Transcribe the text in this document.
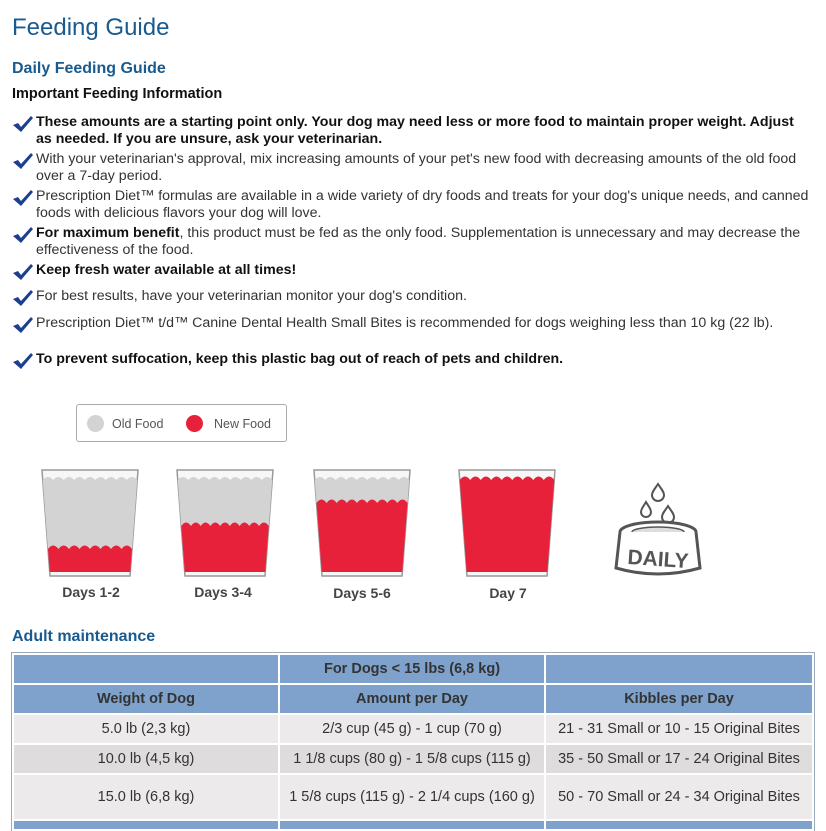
Feeding Guide
Daily Feeding Guide
Important Feeding Information
These amounts are a starting point only. Your dog may need less or more food to maintain proper weight. Adjust as needed. If you are unsure, ask your veterinarian.
With your veterinarian's approval, mix increasing amounts of your pet's new food with decreasing amounts of the old food over a 7-day period.
Prescription Diet™ formulas are available in a wide variety of dry foods and treats for your dog's unique needs, and canned foods with delicious flavors your dog will love.
For maximum benefit, this product must be fed as the only food. Supplementation is unnecessary and may decrease the effectiveness of the food.
Keep fresh water available at all times!
For best results, have your veterinarian monitor your dog's condition.
Prescription Diet™ t/d™ Canine Dental Health Small Bites is recommended for dogs weighing less than 10 kg (22 lb).
To prevent suffocation, keep this plastic bag out of reach of pets and children.
Old Food	New Food
Days 1-2	Days 3-4	Days 5-6	Day 7
DAILY
Adult maintenance
	For Dogs < 15 lbs (6,8 kg)	
Weight of Dog	Amount per Day	Kibbles per Day
5.0 lb (2,3 kg)	2/3 cup (45 g) - 1 cup (70 g)	21 - 31 Small or 10 - 15 Original Bites
10.0 lb (4,5 kg)	1 1/8 cups (80 g) - 1 5/8 cups (115 g)	35 - 50 Small or 17 - 24 Original Bites
15.0 lb (6,8 kg)	1 5/8 cups (115 g) - 2 1/4 cups (160 g)	50 - 70 Small or 24 - 34 Original Bites
